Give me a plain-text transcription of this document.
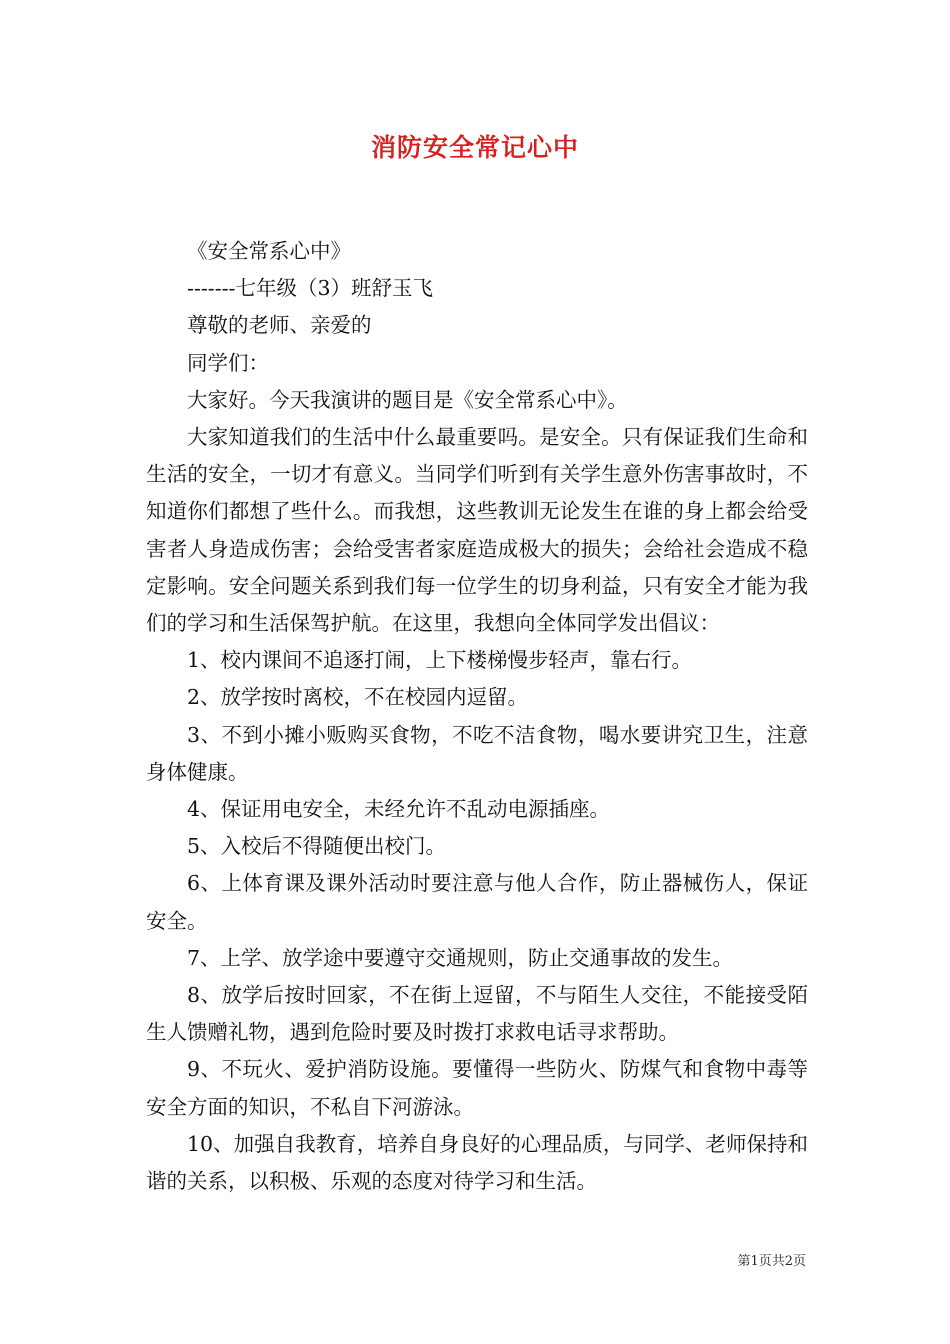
消防安全常记心中

《安全常系心中》

-------七年级（3）班舒玉飞

尊敬的老师、亲爱的

同学们：

大家好。今天我演讲的题目是《安全常系心中》。

大家知道我们的生活中什么最重要吗。是安全。只有保证我们生命和生活的安全，一切才有意义。当同学们听到有关学生意外伤害事故时，不知道你们都想了些什么。而我想，这些教训无论发生在谁的身上都会给受害者人身造成伤害；会给受害者家庭造成极大的损失；会给社会造成不稳定影响。安全问题关系到我们每一位学生的切身利益，只有安全才能为我们的学习和生活保驾护航。在这里，我想向全体同学发出倡议：

1、校内课间不追逐打闹，上下楼梯慢步轻声，靠右行。

2、放学按时离校，不在校园内逗留。

3、不到小摊小贩购买食物，不吃不洁食物，喝水要讲究卫生，注意身体健康。

4、保证用电安全，未经允许不乱动电源插座。

5、入校后不得随便出校门。

6、上体育课及课外活动时要注意与他人合作，防止器械伤人，保证安全。

7、上学、放学途中要遵守交通规则，防止交通事故的发生。

8、放学后按时回家，不在街上逗留，不与陌生人交往，不能接受陌生人馈赠礼物，遇到危险时要及时拨打求救电话寻求帮助。

9、不玩火、爱护消防设施。要懂得一些防火、防煤气和食物中毒等安全方面的知识，不私自下河游泳。

10、加强自我教育，培养自身良好的心理品质，与同学、老师保持和谐的关系，以积极、乐观的态度对待学习和生活。

第1页共2页
